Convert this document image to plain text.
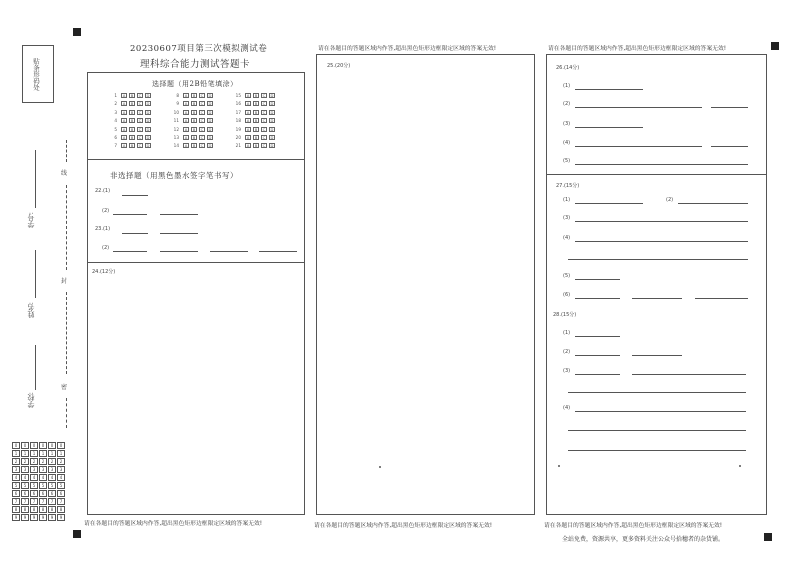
贴条形码处
学校:
姓名:
学号:
密
封
线
0	0	0	0	0	0
1	1	1	1	1	1
2	2	2	2	2	2
3	3	3	3	3	3
4	4	4	4	4	4
5	5	5	5	5	5
6	6	6	6	6	6
7	7	7	7	7	7
8	8	8	8	8	8
9	9	9	9	9	9
20230607项目第三次模拟测试卷
理科综合能力测试答题卡
选择题（用2B铅笔填涂）
1	A	B	C	D
2	A	B	C	D
3	A	B	C	D
4	A	B	C	D
5	A	B	C	D
6	A	B	C	D
7	A	B	C	D
8	A	B	C	D
9	A	B	C	D
10	A	B	C	D
11	A	B	C	D
12	A	B	C	D
13	A	B	C	D
14	A	B	C	D
15	A	B	C	D
16	A	B	C	D
17	A	B	C	D
18	A	B	C	D
19	A	B	C	D
20	A	B	C	D
21	A	B	C	D
非选择题（用黑色墨水签字笔书写）
22.(1)
(2)
23.(1)
(2)
24.(12分)
请在各题目的答题区域内作答,超出黑色矩形边框限定区域的答案无效!
请在各题目的答题区域内作答,超出黑色矩形边框限定区域的答案无效!
25.(20分)
请在各题目的答题区域内作答,超出黑色矩形边框限定区域的答案无效!
请在各题目的答题区域内作答,超出黑色矩形边框限定区域的答案无效!
26.(14分)
(1)
(2)
(3)
(4)
(5)
27.(15分)
(1)	(2)
(3)
(4)
(5)
(6)
28.(15分)
(1)
(2)
(3)
(4)
请在各题目的答题区域内作答,超出黑色矩形边框限定区域的答案无效!
全站免费，资源共享，更多资料关注公众号拾穗者的杂货铺。
